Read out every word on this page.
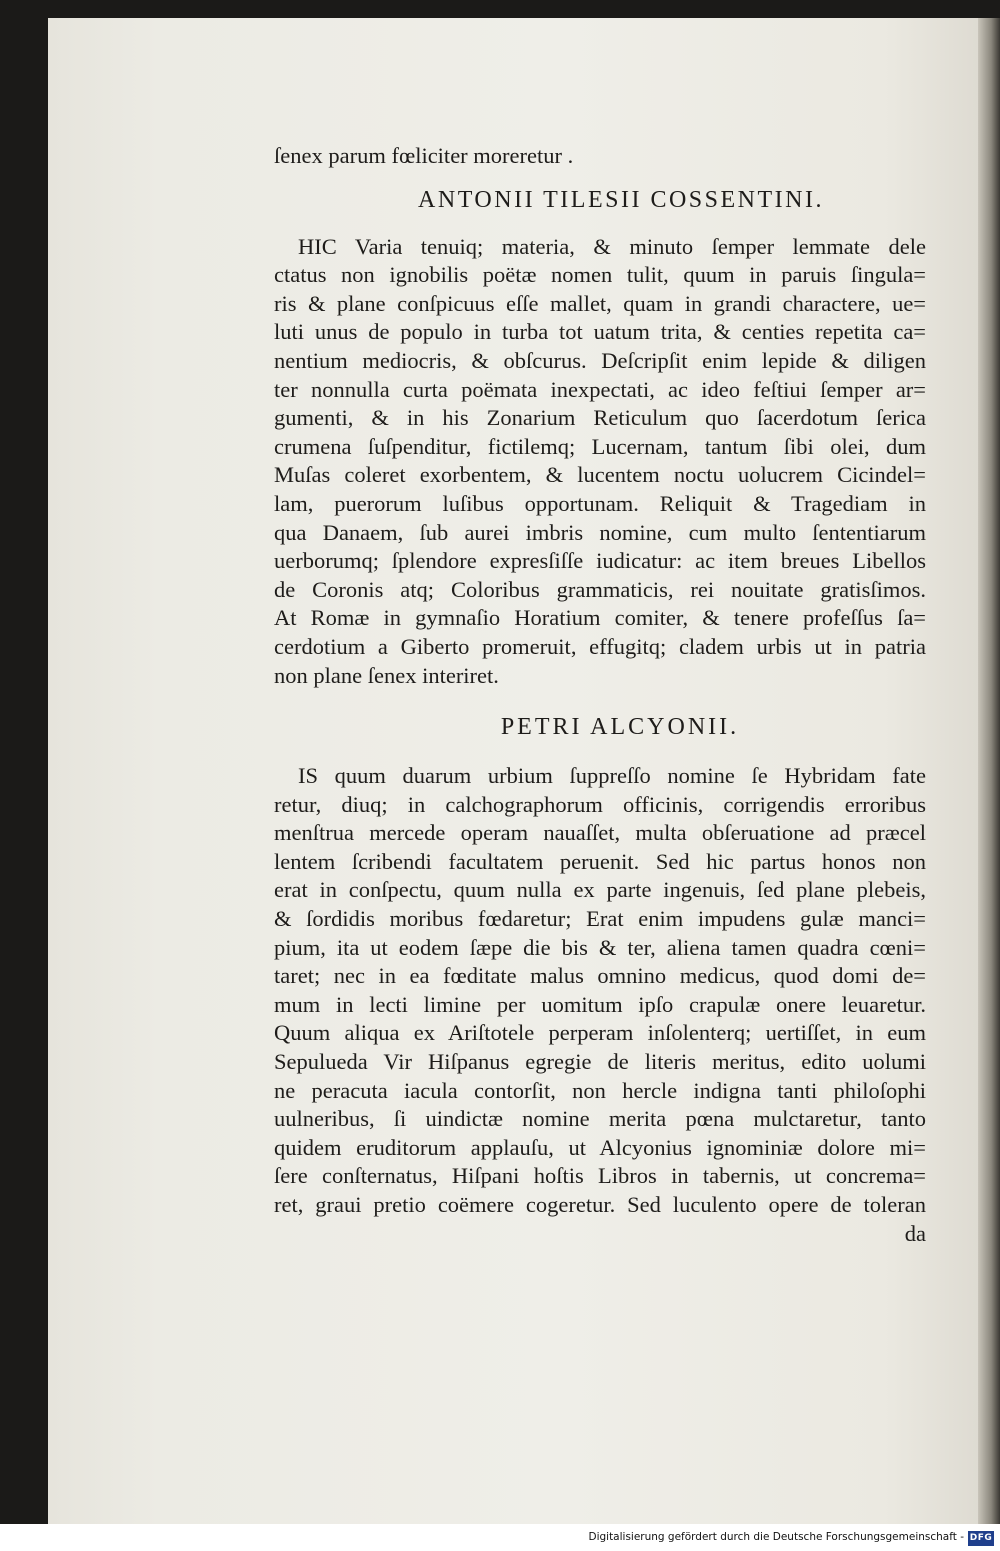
ſenex parum fœliciter moreretur .
ANTONII TILESII COSSENTINI.
HIC Varia tenuiq; materia, & minuto ſemper lemmate dele
ctatus non ignobilis poëtæ nomen tulit, quum in paruis ſingula=
ris & plane conſpicuus eſſe mallet, quam in grandi charactere, ue=
luti unus de populo in turba tot uatum trita, & centies repetita ca=
nentium mediocris, & obſcurus. Deſcripſit enim lepide & diligen
ter nonnulla curta poëmata inexpectati, ac ideo feſtiui ſemper ar=
gumenti, & in his Zonarium Reticulum quo ſacerdotum ſerica
crumena ſuſpenditur, fictilemq; Lucernam, tantum ſibi olei, dum
Muſas coleret exorbentem, & lucentem noctu uolucrem Cicindel=
lam, puerorum luſibus opportunam. Reliquit & Tragediam in
qua Danaem, ſub aurei imbris nomine, cum multo ſententiarum
uerborumq; ſplendore expresſiſſe iudicatur: ac item breues Libellos
de Coronis atq; Coloribus grammaticis, rei nouitate gratisſimos.
At Romæ in gymnaſio Horatium comiter, & tenere profeſſus ſa=
cerdotium a Giberto promeruit, effugitq; cladem urbis ut in patria
non plane ſenex interiret.
PETRI ALCYONII.
IS quum duarum urbium ſuppreſſo nomine ſe Hybridam fate
retur, diuq; in calchographorum officinis, corrigendis erroribus
menſtrua mercede operam nauaſſet, multa obſeruatione ad præcel
lentem ſcribendi facultatem peruenit. Sed hic partus honos non
erat in conſpectu, quum nulla ex parte ingenuis, ſed plane plebeis,
& ſordidis moribus fœdaretur; Erat enim impudens gulæ manci=
pium, ita ut eodem ſæpe die bis & ter, aliena tamen quadra cœni=
taret; nec in ea fœditate malus omnino medicus, quod domi de=
mum in lecti limine per uomitum ipſo crapulæ onere leuaretur.
Quum aliqua ex Ariſtotele perperam inſolenterq; uertiſſet, in eum
Sepulueda Vir Hiſpanus egregie de literis meritus, edito uolumi
ne peracuta iacula contorſit, non hercle indigna tanti philoſophi
uulneribus, ſi uindictæ nomine merita pœna mulctaretur, tanto
quidem eruditorum applauſu, ut Alcyonius ignominiæ dolore mi=
ſere conſternatus, Hiſpani hoſtis Libros in tabernis, ut concrema=
ret, graui pretio coëmere cogeretur. Sed luculento opere de toleran
da
Digitalisierung gefördert durch die Deutsche Forschungsgemeinschaft - DFG
